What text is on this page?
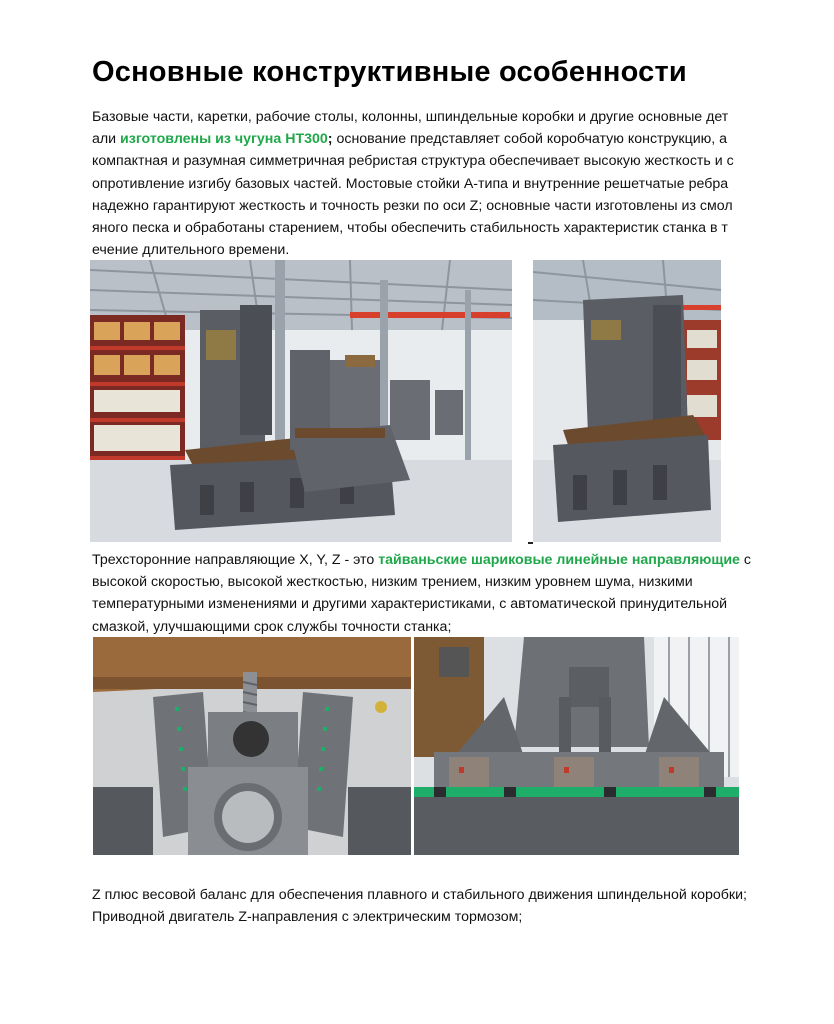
Основные конструктивные особенности

Базовые части, каретки, рабочие столы, колонны, шпиндельные коробки и другие основные дет али изготовлены из чугуна HT300; основание представляет собой коробчатую конструкцию, а компактная и разумная симметричная ребристая структура обеспечивает высокую жесткость и с опротивление изгибу базовых частей. Мостовые стойки А-типа и внутренние решетчатые ребра надежно гарантируют жесткость и точность резки по оси Z; основные части изготовлены из смол яного песка и обработаны старением, чтобы обеспечить стабильность характеристик станка в т ечение длительного времени.

Трехсторонние направляющие X, Y, Z - это тайваньские шариковые линейные направляющие с высокой скоростью, высокой жесткостью, низким трением, низким уровнем шума, низкими температурными изменениями и другими характеристиками, с автоматической принудительной смазкой, улучшающими срок службы точности станка;

Z плюс весовой баланс для обеспечения плавного и стабильного движения шпиндельной коробки; Приводной двигатель Z-направления с электрическим тормозом;
